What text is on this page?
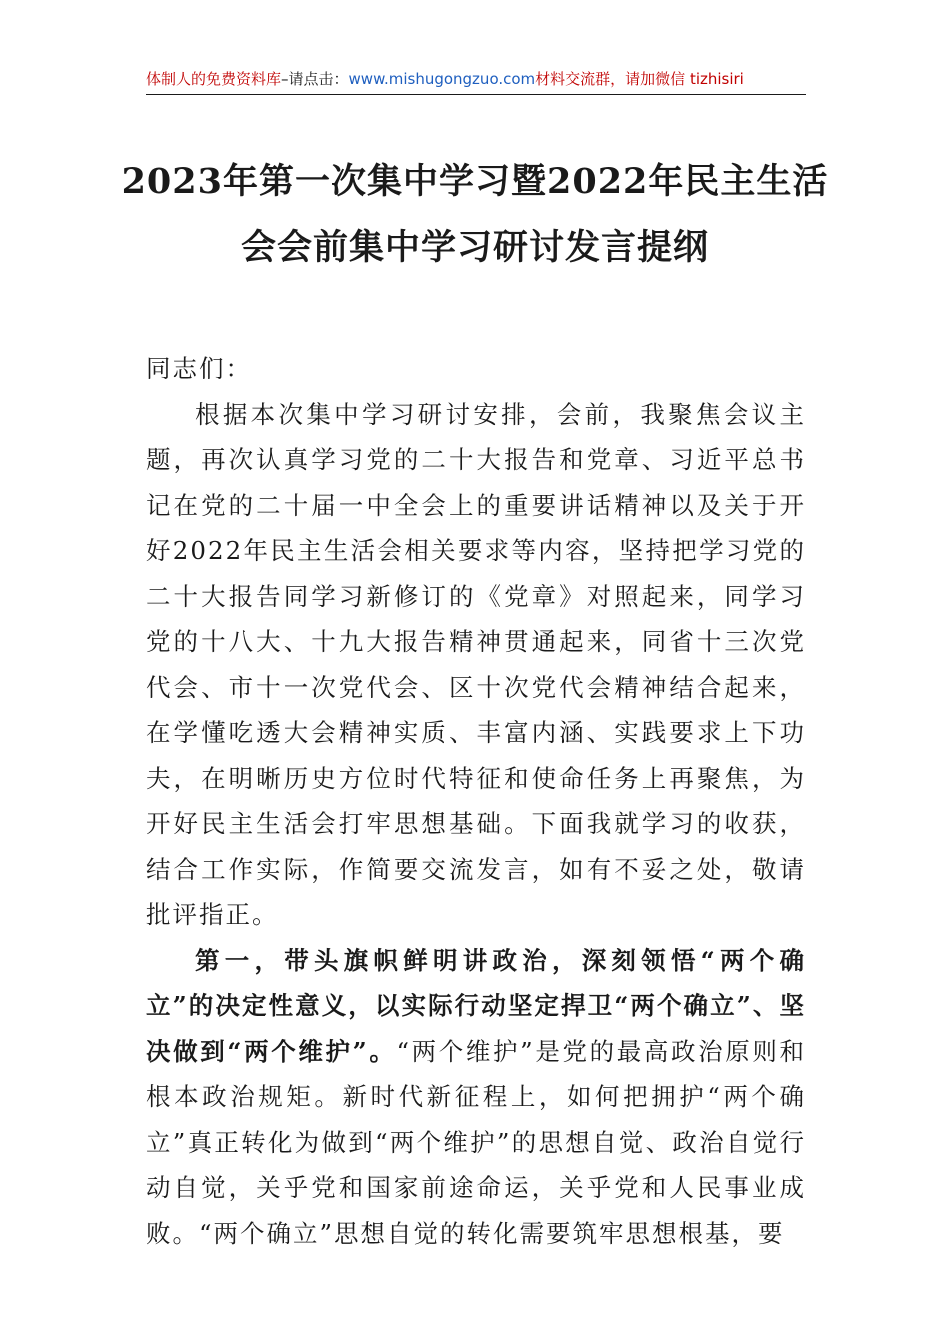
体制人的免费资料库–请点击：www.mishugongzuo.com材料交流群，请加微信 tizhisiri
2023年第一次集中学习暨2022年民主生活
会会前集中学习研讨发言提纲

同志们：

根据本次集中学习研讨安排，会前，我聚焦会议主题，再次认真学习党的二十大报告和党章、习近平总书记在党的二十届一中全会上的重要讲话精神以及关于开好2022年民主生活会相关要求等内容，坚持把学习党的二十大报告同学习新修订的《党章》对照起来，同学习党的十八大、十九大报告精神贯通起来，同省十三次党代会、市十一次党代会、区十次党代会精神结合起来，在学懂吃透大会精神实质、丰富内涵、实践要求上下功夫，在明晰历史方位时代特征和使命任务上再聚焦，为开好民主生活会打牢思想基础。下面我就学习的收获，结合工作实际，作简要交流发言，如有不妥之处，敬请批评指正。

第一，带头旗帜鲜明讲政治，深刻领悟“两个确立”的决定性意义，以实际行动坚定捍卫“两个确立”、坚决做到“两个维护”。“两个维护”是党的最高政治原则和根本政治规矩。新时代新征程上，如何把拥护“两个确立”真正转化为做到“两个维护”的思想自觉、政治自觉行动自觉，关乎党和国家前途命运，关乎党和人民事业成败。“两个确立”思想自觉的转化需要筑牢思想根基，要
